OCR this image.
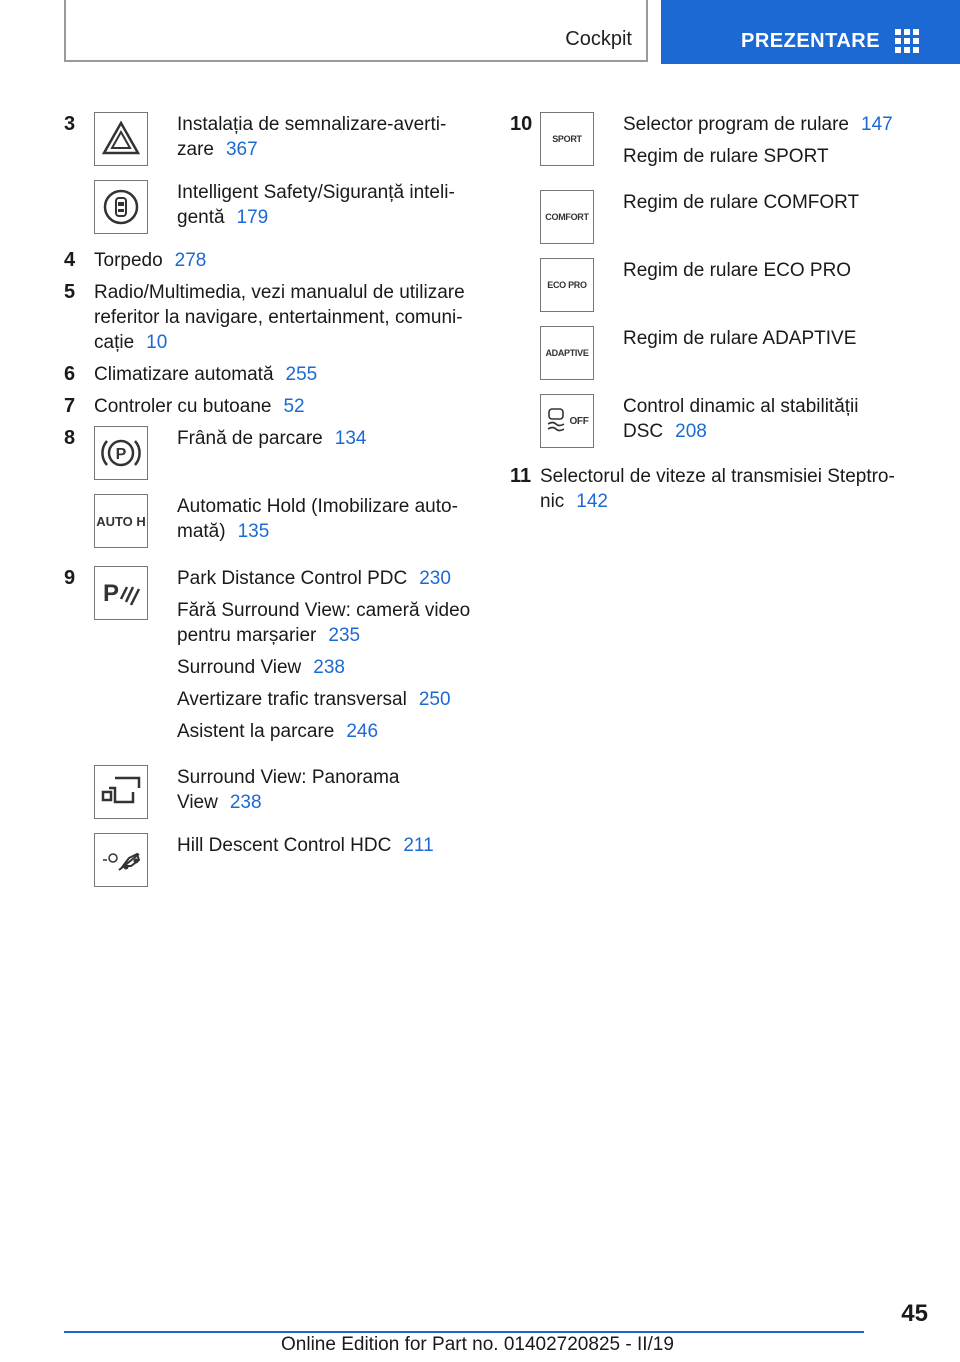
Cockpit	PREZENTARE
3	Instalația de semnalizare-avertizare 367
Intelligent Safety/Siguranță inteligentă 179
4 Torpedo 278
5 Radio/Multimedia, vezi manualul de utilizare referitor la navigare, entertainment, comunicație 10
6 Climatizare automată 255
7 Controler cu butoane 52
8
P
Frână de parcare 134
AUTO H
Automatic Hold (Imobilizare automată) 135
9
P

Park Distance Control PDC 230

Fără Surround View: cameră video pentru marșarier 235

Surround View 238

Avertizare trafic transversal 250

Asistent la parcare 246

Surround View: Panorama View 238
Hill Descent Control HDC 211
10
SPORT

Selector program de rulare 147

Regim de rulare SPORT

COMFORT
Regim de rulare COMFORT
ECO PRO
Regim de rulare ECO PRO
ADAPTIVE
Regim de rulare ADAPTIVE
OFF
Control dinamic al stabilității DSC 208
11 Selectorul de viteze al transmisiei Steptronic 142
45
Online Edition for Part no. 01402720825 - II/19
